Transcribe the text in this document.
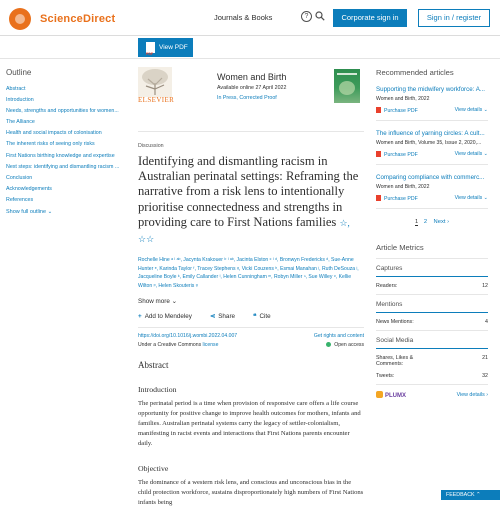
ScienceDirect	Journals & Books	?	Corporate sign in	Sign in / register
PDF
View PDF
Outline
Abstract
Introduction
Needs, strengths and opportunities for women...
The Alliance
Health and social impacts of colonisation
The inherent risks of seeing only risks
First Nations birthing knowledge and expertise
Next steps: identifying and dismantling racism ...
Conclusion
Acknowledgements
References
Show full outline ⌄
ELSEVIER
Women and Birth
Available online 27 April 2022
In Press, Corrected Proof
Discussion
Identifying and dismantling racism in Australian perinatal settings: Reframing the narrative from a risk lens to intentionally prioritise connectedness and strengths in providing care to First Nations families ☆, ☆☆
Rochelle Hine ᵃ ˡ ᵃᵇ, Jacynta Krakouer ᵇ ˡ ᵃᵇ, Jacinta Elston ᶜ ˡ ᵈ, Bronwyn Fredericks ᵈ, Sue-Anne Hunter ᵉ, Karinda Taylor ᶠ, Tracey Stephens ᵍ, Vicki Couzens ʰ, Esmai Manahan ʲ, Ruth DeSouza ʲ, Jacqueline Boyle ᵏ, Emily Callander ˡ, Helen Cunningham ᵐ, Robyn Miller ⁿ, Sue Willey ᵒ, Kellie Wilton ᵖ, Helen Skouteris ᵍ
Show more ⌄
+ Add to Mendeley	⋖ Share	❝ Cite
https://doi.org/10.1016/j.wombi.2022.04.007	Get rights and content
Under a Creative Commons license	Open access
Abstract
Introduction

The perinatal period is a time when provision of responsive care offers a life course opportunity for positive change to improve health outcomes for mothers, infants and families. Australian perinatal systems carry the legacy of settler-colonialism, manifesting in racist events and interactions that First Nations parents encounter daily.

Objective

The dominance of a western risk lens, and conscious and unconscious bias in the child protection workforce, sustains disproportionately high numbers of First Nations infants being

Recommended articles
Supporting the midwifery workforce: A...
Women and Birth, 2022
Purchase PDF	View details ⌄
The influence of yarning circles: A cult...
Women and Birth, Volume 35, Issue 2, 2020,...
Purchase PDF	View details ⌄
Comparing compliance with commerc...
Women and Birth, 2022
Purchase PDF	View details ⌄
1 2 Next ›
Article Metrics
Captures
Readers:	12
Mentions
News Mentions:	4
Social Media
Shares, Likes & Comments:
21
Tweets:	32
PLUMX	View details ›
FEEDBACK ⌃
